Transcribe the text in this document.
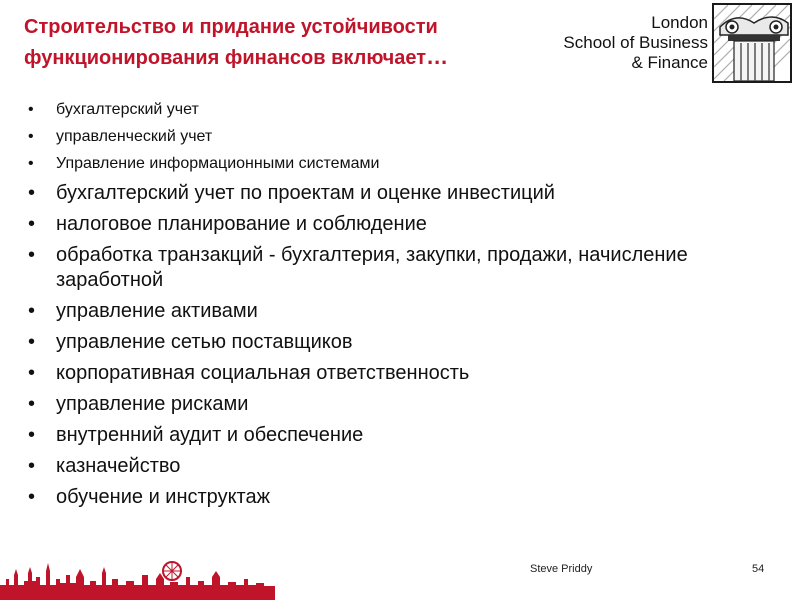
Строительство и придание устойчивости
функционирования финансов включает…
London
School of Business
& Finance
• бухгалтерский учет
• управленческий учет
• Управление информационными системами
• бухгалтерский учет по проектам и оценке инвестиций
• налоговое планирование и соблюдение
• обработка транзакций - бухгалтерия, закупки, продажи, начисление заработной
• управление активами
• управление сетью поставщиков
• корпоративная социальная ответственность
• управление рисками
• внутренний аудит и обеспечение
• казначейство
• обучение и инструктаж
Steve Priddy	54
